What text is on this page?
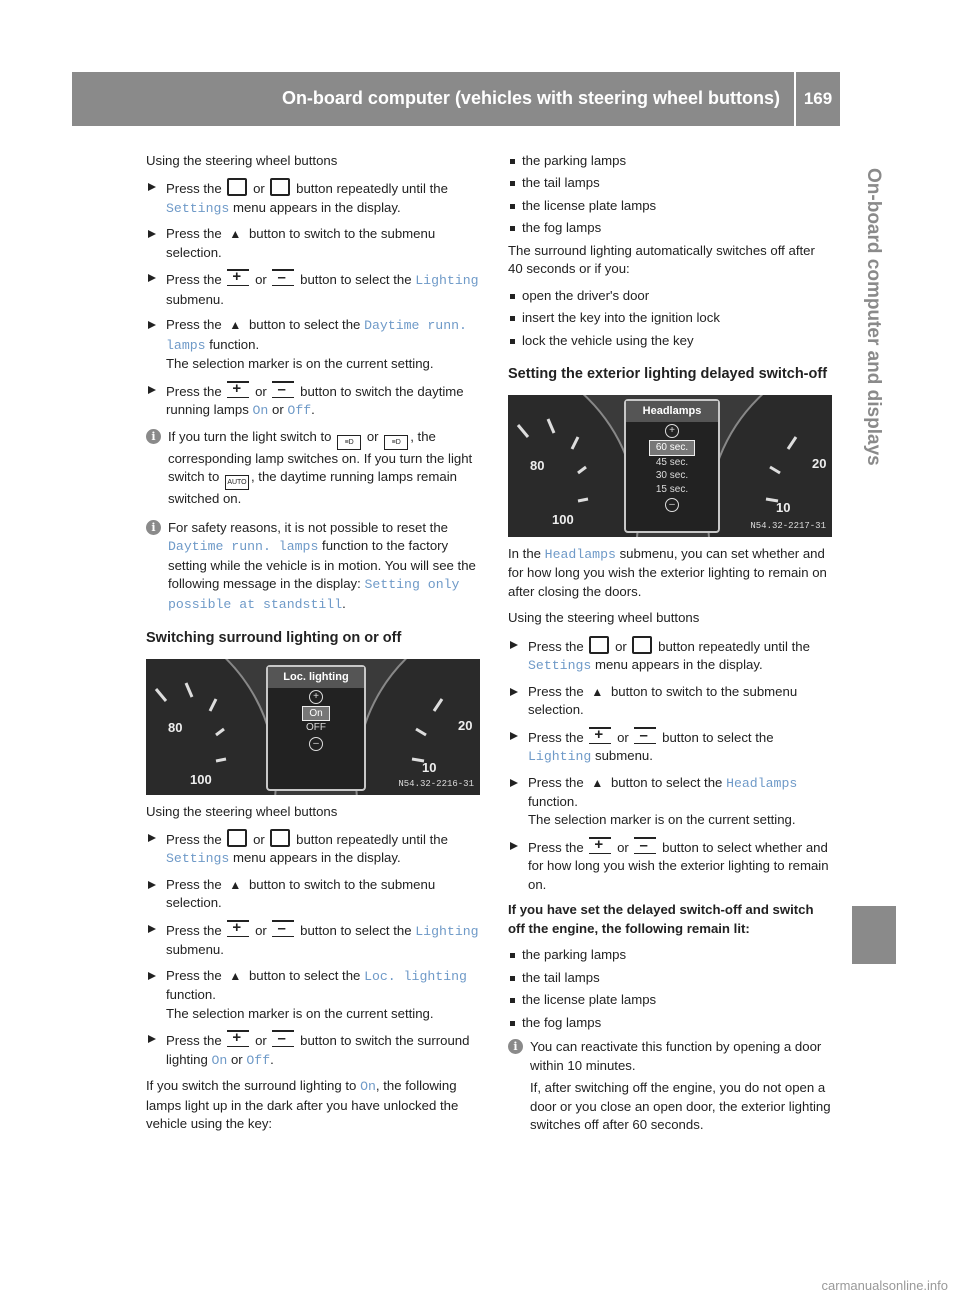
On-board computer (vehicles with steering wheel buttons)	169
On-board computer and displays

Using the steering wheel buttons

Press the or button repeatedly until the Settings menu appears in the display.
Press the ▲ button to switch to the submenu selection.
Press the +	or –	button to select the Lighting submenu.
Press the ▲ button to select the Daytime runn. lamps function.
The selection marker is on the current setting.
Press the +	or –	button to switch the daytime running lamps On or Off.
i
If you turn the light switch to ≡D or ≡D , the corresponding lamp switches on. If you turn the light switch to AUTO , the daytime running lamps remain switched on.
i
For safety reasons, it is not possible to reset the Daytime runn. lamps function to the factory setting while the vehicle is in motion. You will see the following message in the display: Setting only possible at standstill.
Switching surround lighting on or off
80
100
20
10
Loc. lighting
+
On
OFF
–
N54.32-2216-31

Using the steering wheel buttons

Press the or button repeatedly until the Settings menu appears in the display.
Press the ▲ button to switch to the submenu selection.
Press the +	or –	button to select the Lighting submenu.
Press the ▲ button to select the Loc. lighting function.
The selection marker is on the current setting.
Press the +	or –	button to switch the surround lighting On or Off.

If you switch the surround lighting to On, the following lamps light up in the dark after you have unlocked the vehicle using the key:

the parking lamps
the tail lamps
the license plate lamps
the fog lamps

The surround lighting automatically switches off after 40 seconds or if you:

open the driver's door
insert the key into the ignition lock
lock the vehicle using the key
Setting the exterior lighting delayed switch-off
80
100
20
10
Headlamps
+
60 sec.
45 sec.
30 sec.
15 sec.
–
N54.32-2217-31

In the Headlamps submenu, you can set whether and for how long you wish the exterior lighting to remain on after closing the doors.

Using the steering wheel buttons

Press the or button repeatedly until the Settings menu appears in the display.
Press the ▲ button to switch to the submenu selection.
Press the +	or –	button to select the Lighting submenu.
Press the ▲ button to select the Headlamps function.
The selection marker is on the current setting.
Press the +	or –	button to select whether and for how long you wish the exterior lighting to remain on.

If you have set the delayed switch-off and switch off the engine, the following remain lit:

the parking lamps
the tail lamps
the license plate lamps
the fog lamps
i
You can reactivate this function by opening a door within 10 minutes.
If, after switching off the engine, you do not open a door or you close an open door, the exterior lighting switches off after 60 seconds.
carmanualsonline.info
